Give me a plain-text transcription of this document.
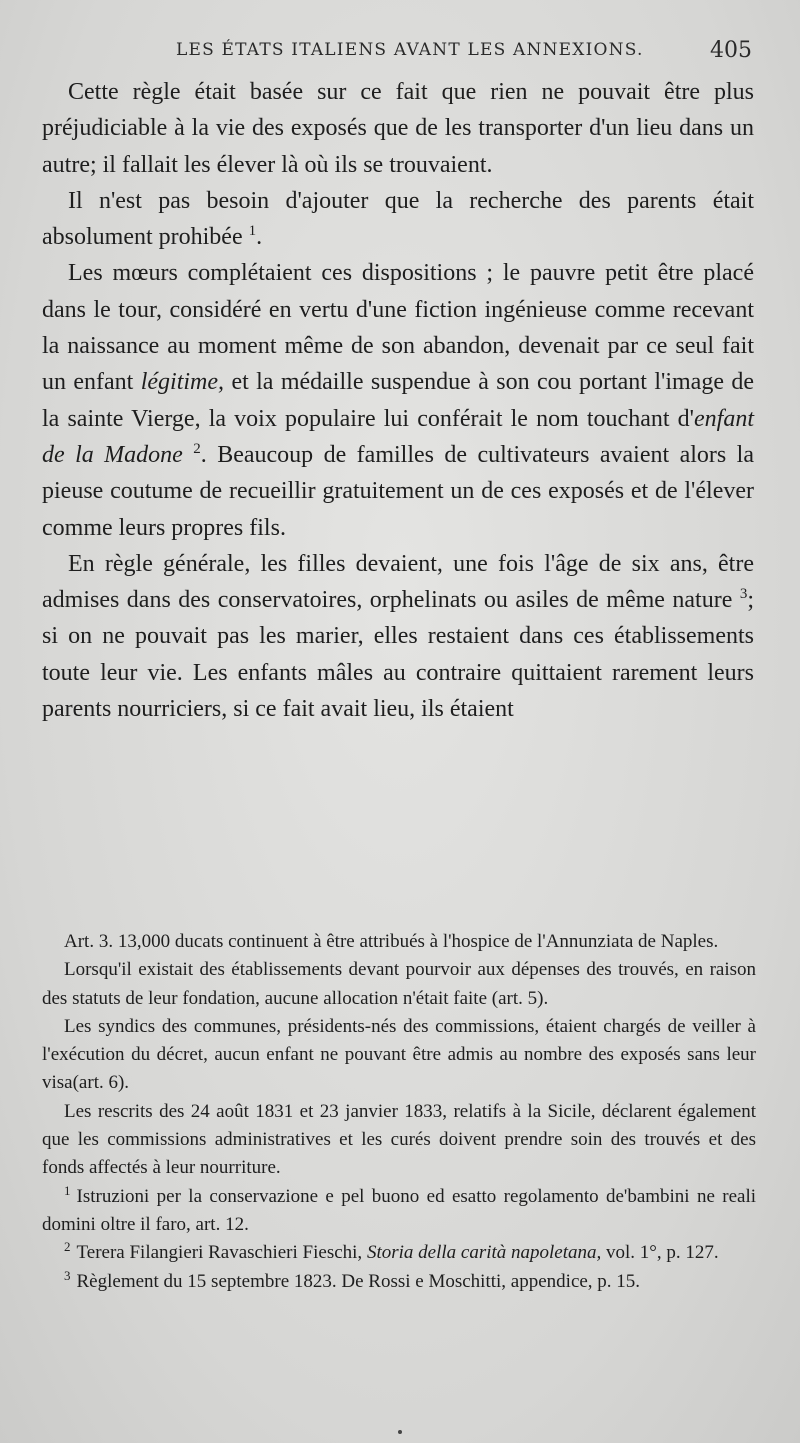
LES ÉTATS ITALIENS AVANT LES ANNEXIONS.	405

Cette règle était basée sur ce fait que rien ne pouvait être plus préjudiciable à la vie des exposés que de les transporter d'un lieu dans un autre; il fallait les élever là où ils se trouvaient.

Il n'est pas besoin d'ajouter que la recherche des parents était absolument prohibée $^1$.

Les mœurs complétaient ces dispositions ; le pauvre petit être placé dans le tour, considéré en vertu d'une fiction ingénieuse comme recevant la naissance au moment même de son abandon, devenait par ce seul fait un enfant légitime, et la médaille suspendue à son cou portant l'image de la sainte Vierge, la voix populaire lui conférait le nom touchant d'enfant de la Madone $^2$. Beaucoup de familles de cultivateurs avaient alors la pieuse coutume de recueillir gratuitement un de ces exposés et de l'élever comme leurs propres fils.

En règle générale, les filles devaient, une fois l'âge de six ans, être admises dans des conservatoires, orphelinats ou asiles de même nature $^3$; si on ne pouvait pas les marier, elles restaient dans ces établissements toute leur vie. Les enfants mâles au contraire quittaient rarement leurs parents nourriciers, si ce fait avait lieu, ils étaient

Art. 3. 13,000 ducats continuent à être attribués à l'hospice de l'Annunziata de Naples.

Lorsqu'il existait des établissements devant pourvoir aux dépenses des trouvés, en raison des statuts de leur fondation, aucune allocation n'était faite (art. 5).

Les syndics des communes, présidents-nés des commissions, étaient chargés de veiller à l'exécution du décret, aucun enfant ne pouvant être admis au nombre des exposés sans leur visa(art. 6).

Les rescrits des 24 août 1831 et 23 janvier 1833, relatifs à la Sicile, déclarent également que les commissions administratives et les curés doivent prendre soin des trouvés et des fonds affectés à leur nourriture.

$^1$ Istruzioni per la conservazione e pel buono ed esatto regolamento de'bambini ne reali domini oltre il faro, art. 12.

$^2$ Terera Filangieri Ravaschieri Fieschi, Storia della carità napoletana, vol. 1°, p. 127.

$^3$ Règlement du 15 septembre 1823. De Rossi e Moschitti, appendice, p. 15.
